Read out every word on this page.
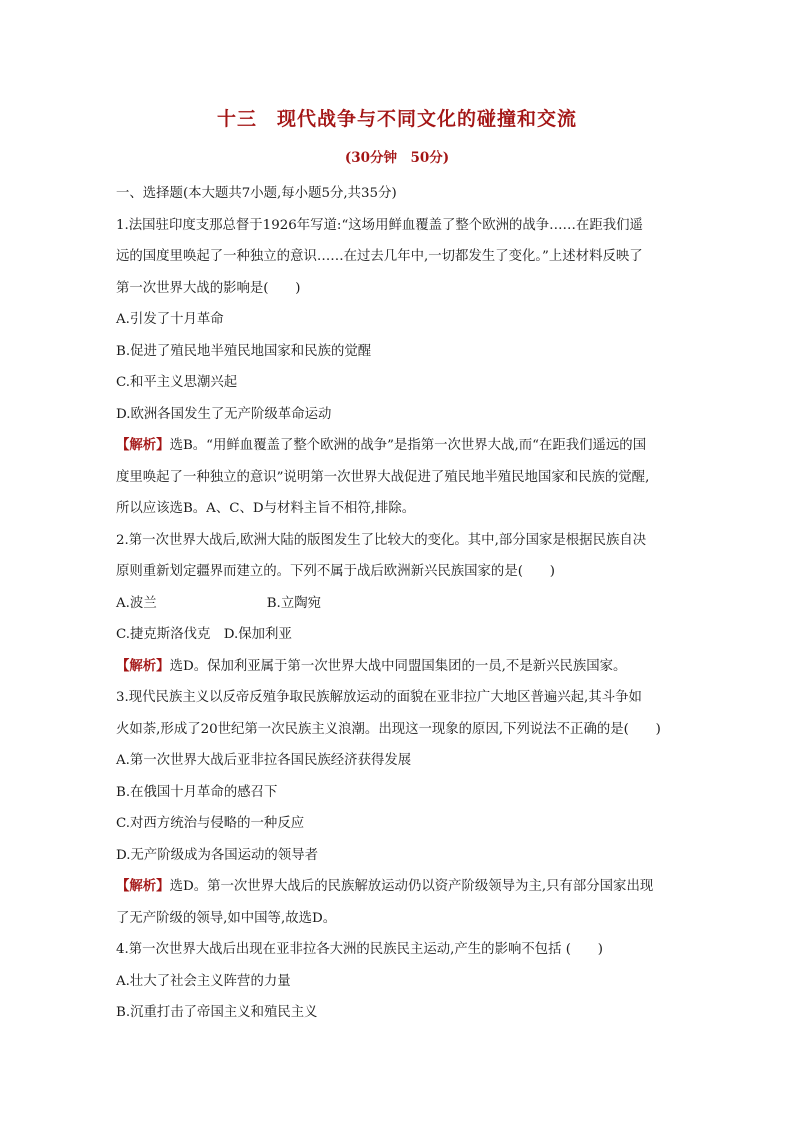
十三　现代战争与不同文化的碰撞和交流
(30分钟　50分)
一、选择题(本大题共7小题,每小题5分,共35分)
1.法国驻印度支那总督于1926年写道:“这场用鲜血覆盖了整个欧洲的战争……在距我们遥
远的国度里唤起了一种独立的意识……在过去几年中,一切都发生了变化。”上述材料反映了
第一次世界大战的影响是(　　)
A.引发了十月革命
B.促进了殖民地半殖民地国家和民族的觉醒
C.和平主义思潮兴起
D.欧洲各国发生了无产阶级革命运动
【解析】选B。“用鲜血覆盖了整个欧洲的战争”是指第一次世界大战,而“在距我们遥远的国
度里唤起了一种独立的意识”说明第一次世界大战促进了殖民地半殖民地国家和民族的觉醒,
所以应该选B。A、C、D与材料主旨不相符,排除。
2.第一次世界大战后,欧洲大陆的版图发生了比较大的变化。其中,部分国家是根据民族自决
原则重新划定疆界而建立的。下列不属于战后欧洲新兴民族国家的是(　　)
A.波兰	B.立陶宛
C.捷克斯洛伐克　D.保加利亚
【解析】选D。保加利亚属于第一次世界大战中同盟国集团的一员,不是新兴民族国家。
3.现代民族主义以反帝反殖争取民族解放运动的面貌在亚非拉广大地区普遍兴起,其斗争如
火如荼,形成了20世纪第一次民族主义浪潮。出现这一现象的原因,下列说法不正确的是(　　)
A.第一次世界大战后亚非拉各国民族经济获得发展
B.在俄国十月革命的感召下
C.对西方统治与侵略的一种反应
D.无产阶级成为各国运动的领导者
【解析】选D。第一次世界大战后的民族解放运动仍以资产阶级领导为主,只有部分国家出现
了无产阶级的领导,如中国等,故选D。
4.第一次世界大战后出现在亚非拉各大洲的民族民主运动,产生的影响不包括 (　　)
A.壮大了社会主义阵营的力量
B.沉重打击了帝国主义和殖民主义
